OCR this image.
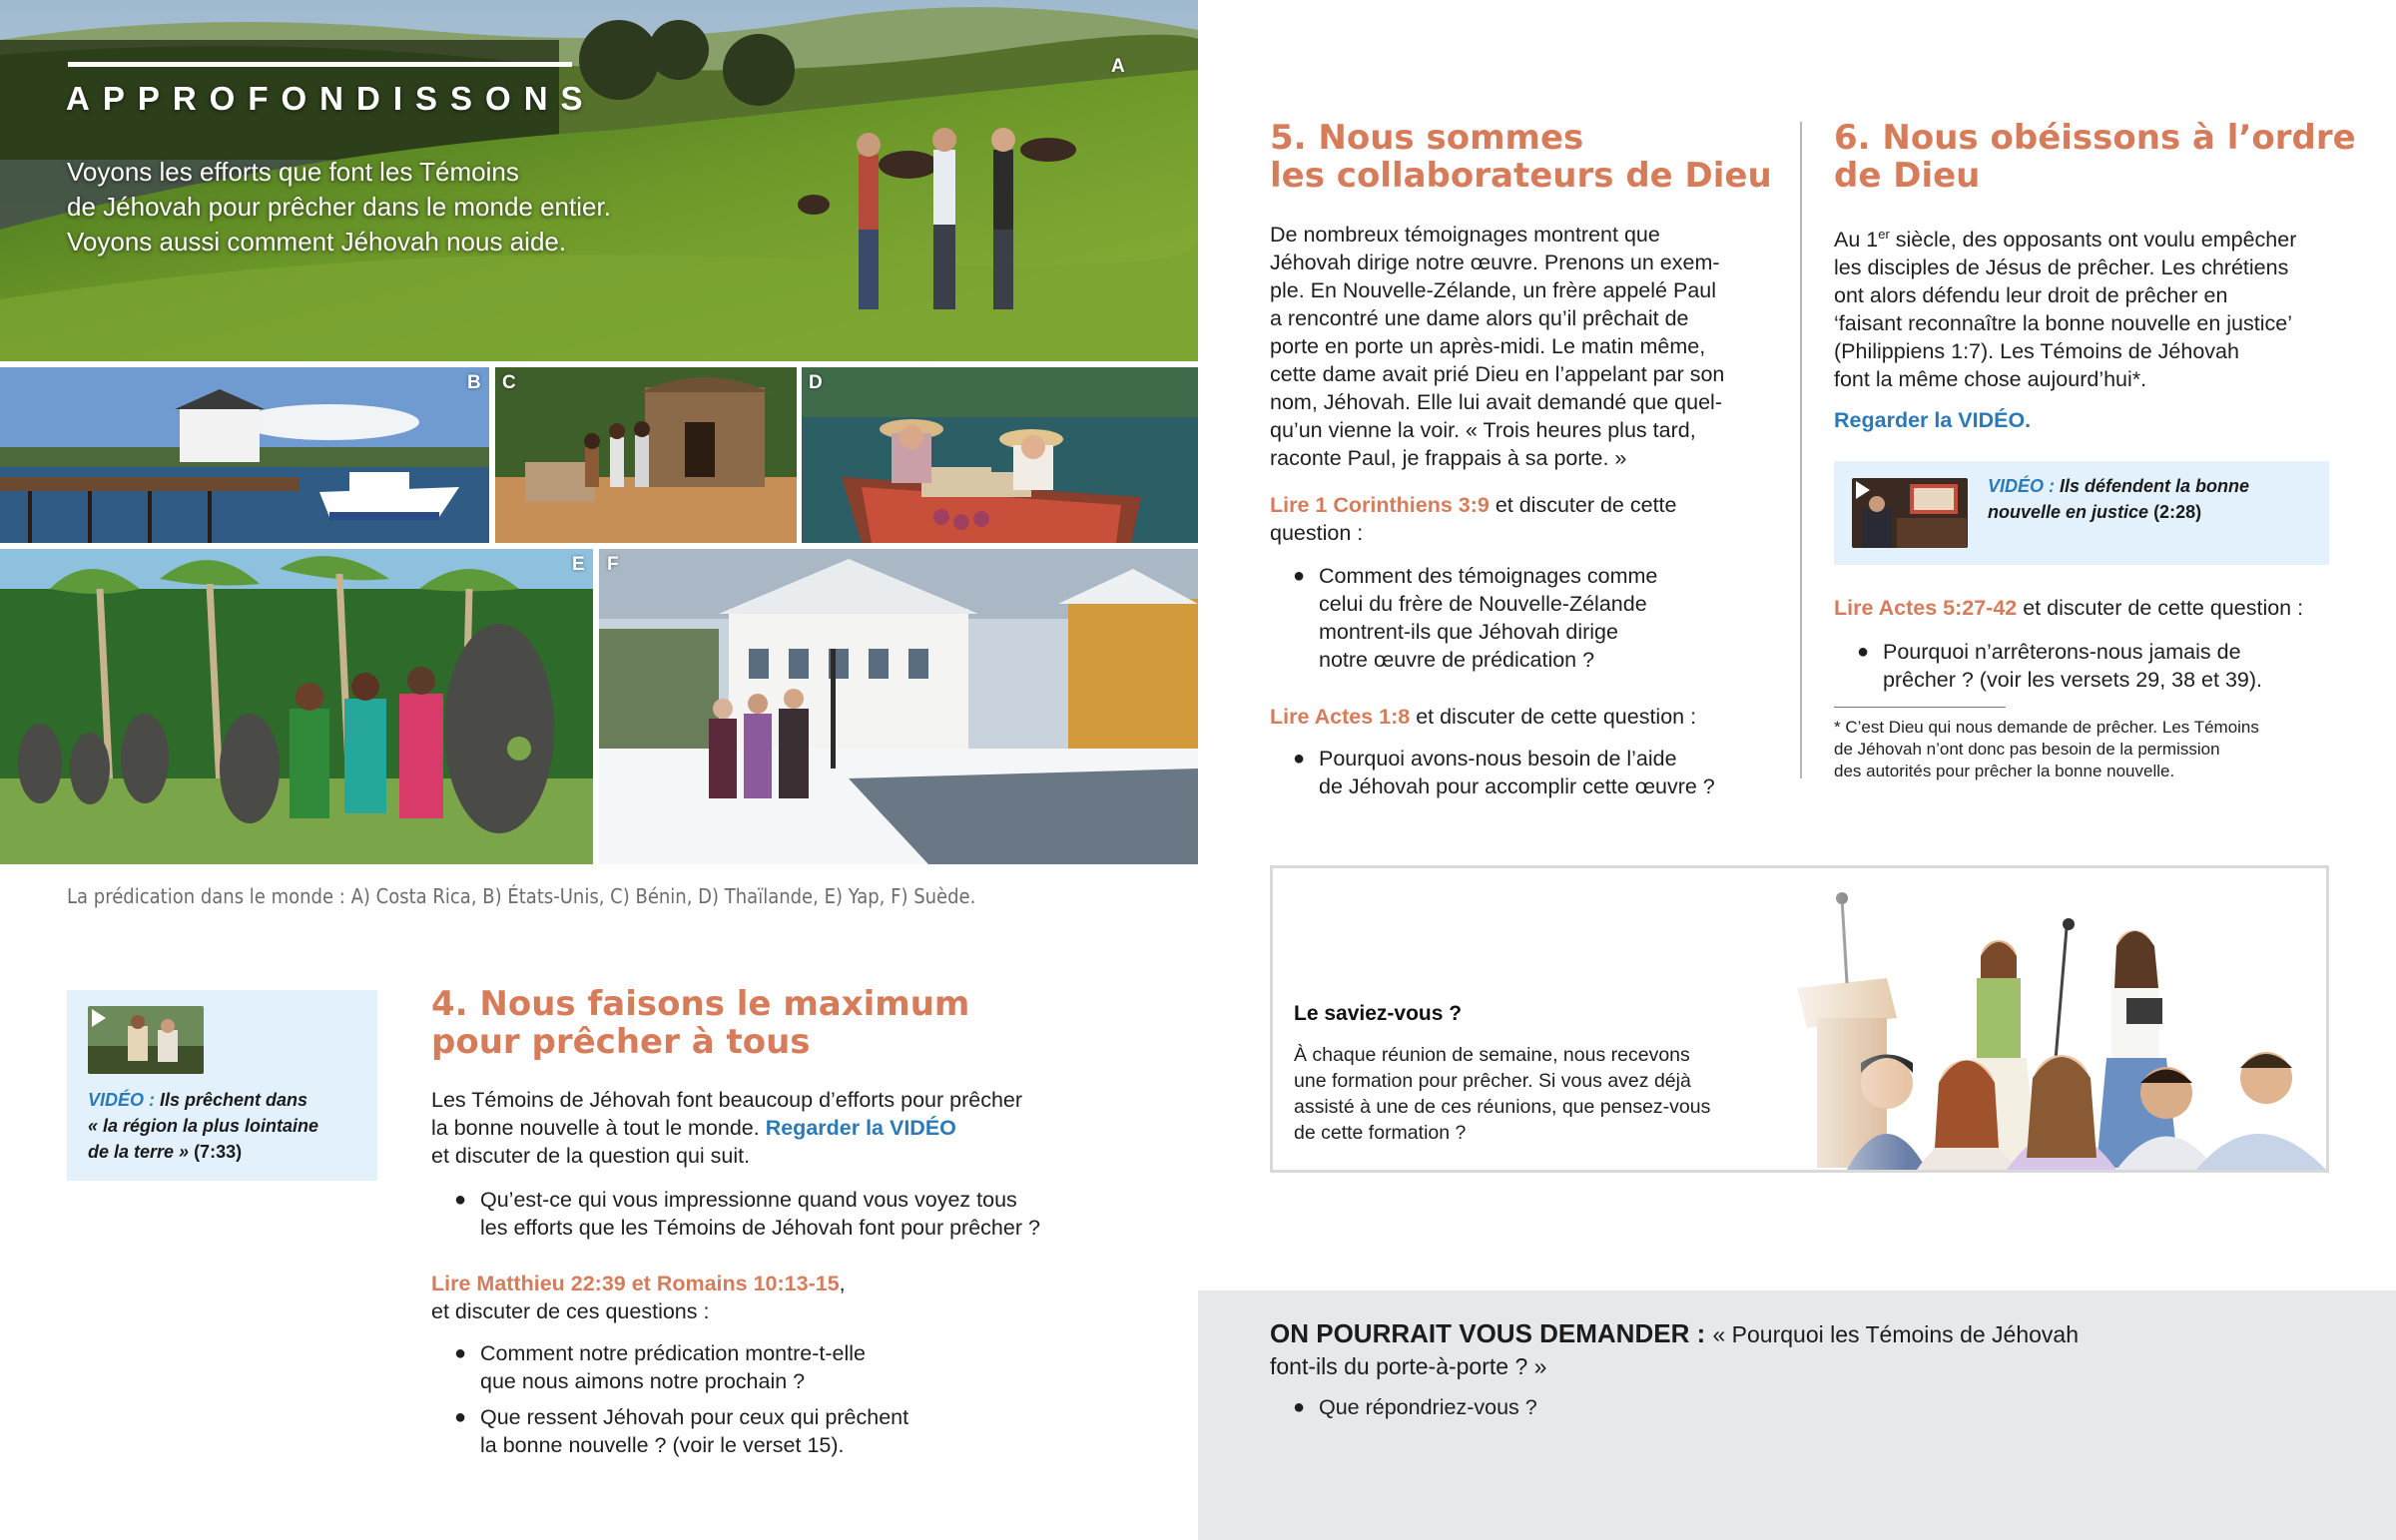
A
APPROFONDISSONS
Voyons les efforts que font les Témoins
de Jéhovah pour prêcher dans le monde entier.
Voyons aussi comment Jéhovah nous aide.
B C	D
E F
La prédication dans le monde : A) Costa Rica, B) États-Unis, C) Bénin, D) Thaïlande, E) Yap, F) Suède.
VIDÉO : Ils prêchent dans
« la région la plus lointaine
de la terre » (7:33)
4. Nous faisons le maximum
pour prêcher à tous
Les Témoins de Jéhovah font beaucoup d’efforts pour prêcher
la bonne nouvelle à tout le monde. Regarder la VIDÉO
et discuter de la question qui suit.
● Qu’est-ce qui vous impressionne quand vous voyez tous
les efforts que les Témoins de Jéhovah font pour prêcher ?
Lire Matthieu 22:39 et Romains 10:13-15,
et discuter de ces questions :
● Comment notre prédication montre-t-elle
que nous aimons notre prochain ?
● Que ressent Jéhovah pour ceux qui prêchent
la bonne nouvelle ? (voir le verset 15).
5. Nous sommes
les collaborateurs de Dieu
De nombreux témoignages montrent que
Jéhovah dirige notre œuvre. Prenons un exem-
ple. En Nouvelle-Zélande, un frère appelé Paul
a rencontré une dame alors qu’il prêchait de
porte en porte un après-midi. Le matin même,
cette dame avait prié Dieu en l’appelant par son
nom, Jéhovah. Elle lui avait demandé que quel-
qu’un vienne la voir. « Trois heures plus tard,
raconte Paul, je frappais à sa porte. »
Lire 1 Corinthiens 3:9 et discuter de cette
question :
● Comment des témoignages comme
celui du frère de Nouvelle-Zélande
montrent-ils que Jéhovah dirige
notre œuvre de prédication ?
Lire Actes 1:8 et discuter de cette question :
● Pourquoi avons-nous besoin de l’aide
de Jéhovah pour accomplir cette œuvre ?
6. Nous obéissons à l’ordre
de Dieu
Au 1er siècle, des opposants ont voulu empêcher
les disciples de Jésus de prêcher. Les chrétiens
ont alors défendu leur droit de prêcher en
‘faisant reconnaître la bonne nouvelle en justice’
(Philippiens 1:7). Les Témoins de Jéhovah
font la même chose aujourd’hui*.
Regarder la VIDÉO.
VIDÉO : Ils défendent la bonne
nouvelle en justice (2:28)
Lire Actes 5:27-42 et discuter de cette question :
● Pourquoi n’arrêterons-nous jamais de
prêcher ? (voir les versets 29, 38 et 39).
* C’est Dieu qui nous demande de prêcher. Les Témoins
de Jéhovah n’ont donc pas besoin de la permission
des autorités pour prêcher la bonne nouvelle.
Le saviez-vous ?
À chaque réunion de semaine, nous recevons
une formation pour prêcher. Si vous avez déjà
assisté à une de ces réunions, que pensez-vous
de cette formation ?
ON POURRAIT VOUS DEMANDER : « Pourquoi les Témoins de Jéhovah
font-ils du porte-à-porte ? »
● Que répondriez-vous ?
